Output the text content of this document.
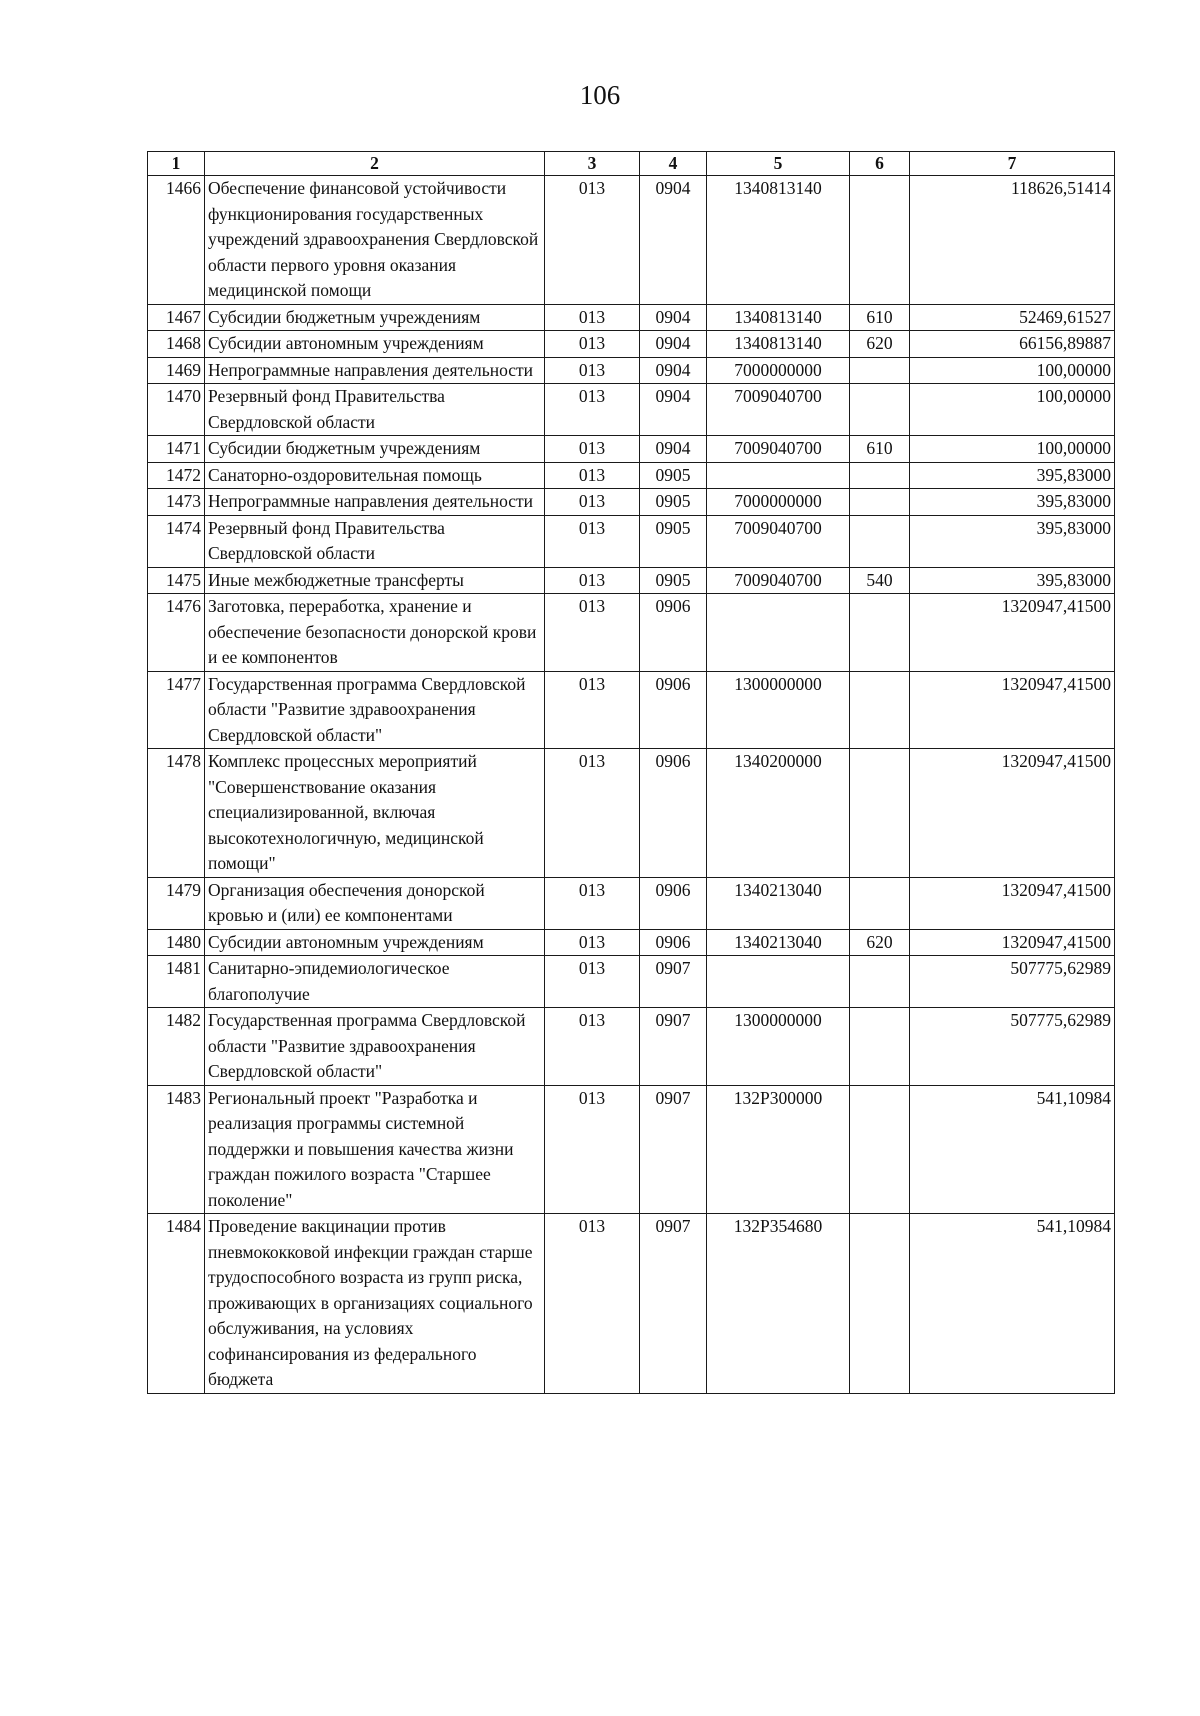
106
1	2	3	4	5	6	7
1466	Обеспечение финансовой устойчивости функционирования государственных учреждений здравоохранения Свердловской области первого уровня оказания медицинской помощи	013	0904	1340813140		118626,51414
1467	Субсидии бюджетным учреждениям	013	0904	1340813140	610	52469,61527
1468	Субсидии автономным учреждениям	013	0904	1340813140	620	66156,89887
1469	Непрограммные направления деятельности	013	0904	7000000000		100,00000
1470	Резервный фонд Правительства Свердловской области	013	0904	7009040700		100,00000
1471	Субсидии бюджетным учреждениям	013	0904	7009040700	610	100,00000
1472	Санаторно-оздоровительная помощь	013	0905			395,83000
1473	Непрограммные направления деятельности	013	0905	7000000000		395,83000
1474	Резервный фонд Правительства Свердловской области	013	0905	7009040700		395,83000
1475	Иные межбюджетные трансферты	013	0905	7009040700	540	395,83000
1476	Заготовка, переработка, хранение и обеспечение безопасности донорской крови и ее компонентов	013	0906			1320947,41500
1477	Государственная программа Свердловской области "Развитие здравоохранения Свердловской области"	013	0906	1300000000		1320947,41500
1478	Комплекс процессных мероприятий "Совершенствование оказания специализированной, включая высокотехнологичную, медицинской помощи"	013	0906	1340200000		1320947,41500
1479	Организация обеспечения донорской кровью и (или) ее компонентами	013	0906	1340213040		1320947,41500
1480	Субсидии автономным учреждениям	013	0906	1340213040	620	1320947,41500
1481	Санитарно-эпидемиологическое благополучие	013	0907			507775,62989
1482	Государственная программа Свердловской области "Развитие здравоохранения Свердловской области"	013	0907	1300000000		507775,62989
1483	Региональный проект "Разработка и реализация программы системной поддержки и повышения качества жизни граждан пожилого возраста "Старшее поколение"	013	0907	132P300000		541,10984
1484	Проведение вакцинации против пневмококковой инфекции граждан старше трудоспособного возраста из групп риска, проживающих в организациях социального обслуживания, на условиях софинансирования из федерального бюджета	013	0907	132P354680		541,10984
